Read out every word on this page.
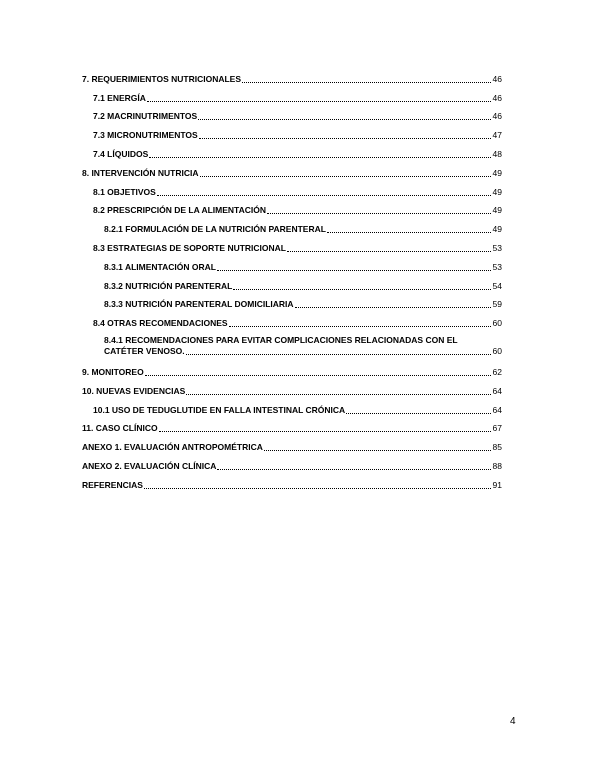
7. REQUERIMIENTOS NUTRICIONALES	46
7.1 ENERGÍA	46
7.2 MACRINUTRIMENTOS	46
7.3 MICRONUTRIMENTOS	47
7.4 LÍQUIDOS	48
8. INTERVENCIÓN NUTRICIA	49
8.1 OBJETIVOS	49
8.2 PRESCRIPCIÓN DE LA ALIMENTACIÓN	49
8.2.1 FORMULACIÓN DE LA NUTRICIÓN PARENTERAL	49
8.3 ESTRATEGIAS DE SOPORTE NUTRICIONAL	53
8.3.1 ALIMENTACIÓN ORAL	53
8.3.2 NUTRICIÓN PARENTERAL	54
8.3.3 NUTRICIÓN PARENTERAL DOMICILIARIA	59
8.4 OTRAS RECOMENDACIONES	60
8.4.1 RECOMENDACIONES PARA EVITAR COMPLICACIONES RELACIONADAS CON EL
CATÉTER VENOSO.	60
9. MONITOREO	62
10. NUEVAS EVIDENCIAS	64
10.1 USO DE TEDUGLUTIDE EN FALLA INTESTINAL CRÓNICA	64
11. CASO CLÍNICO	67
ANEXO 1. EVALUACIÓN ANTROPOMÉTRICA	85
ANEXO 2. EVALUACIÓN CLÍNICA	88
REFERENCIAS	91
4
